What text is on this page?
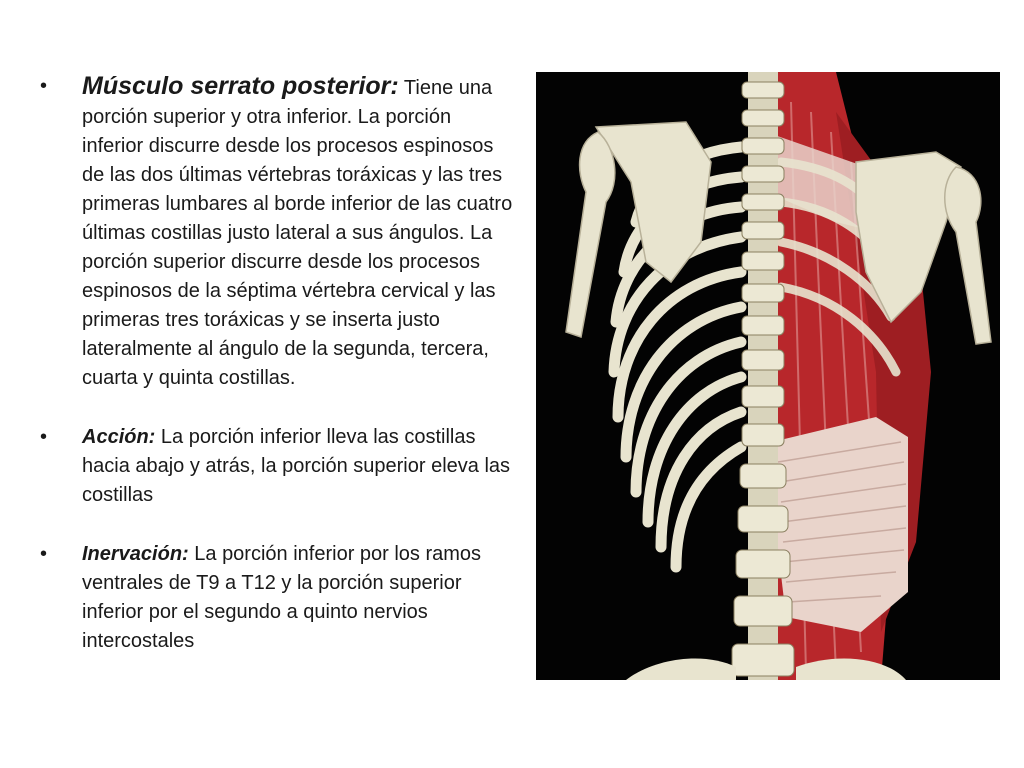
•	Músculo serrato posterior: Tiene una porción superior y otra inferior. La porción inferior discurre desde los procesos espinosos de las dos últimas vértebras toráxicas y las tres primeras lumbares al borde inferior de las cuatro últimas costillas justo lateral a sus ángulos. La porción superior discurre desde los procesos espinosos de la séptima vértebra cervical y las primeras tres toráxicas y se inserta justo lateralmente al ángulo de la segunda, tercera, cuarta y quinta costillas.

•	Acción: La porción inferior lleva las costillas hacia abajo y atrás, la porción superior eleva las costillas

•	Inervación: La porción inferior por los ramos ventrales de T9 a T12 y la porción superior inferior por el segundo a quinto nervios intercostales
